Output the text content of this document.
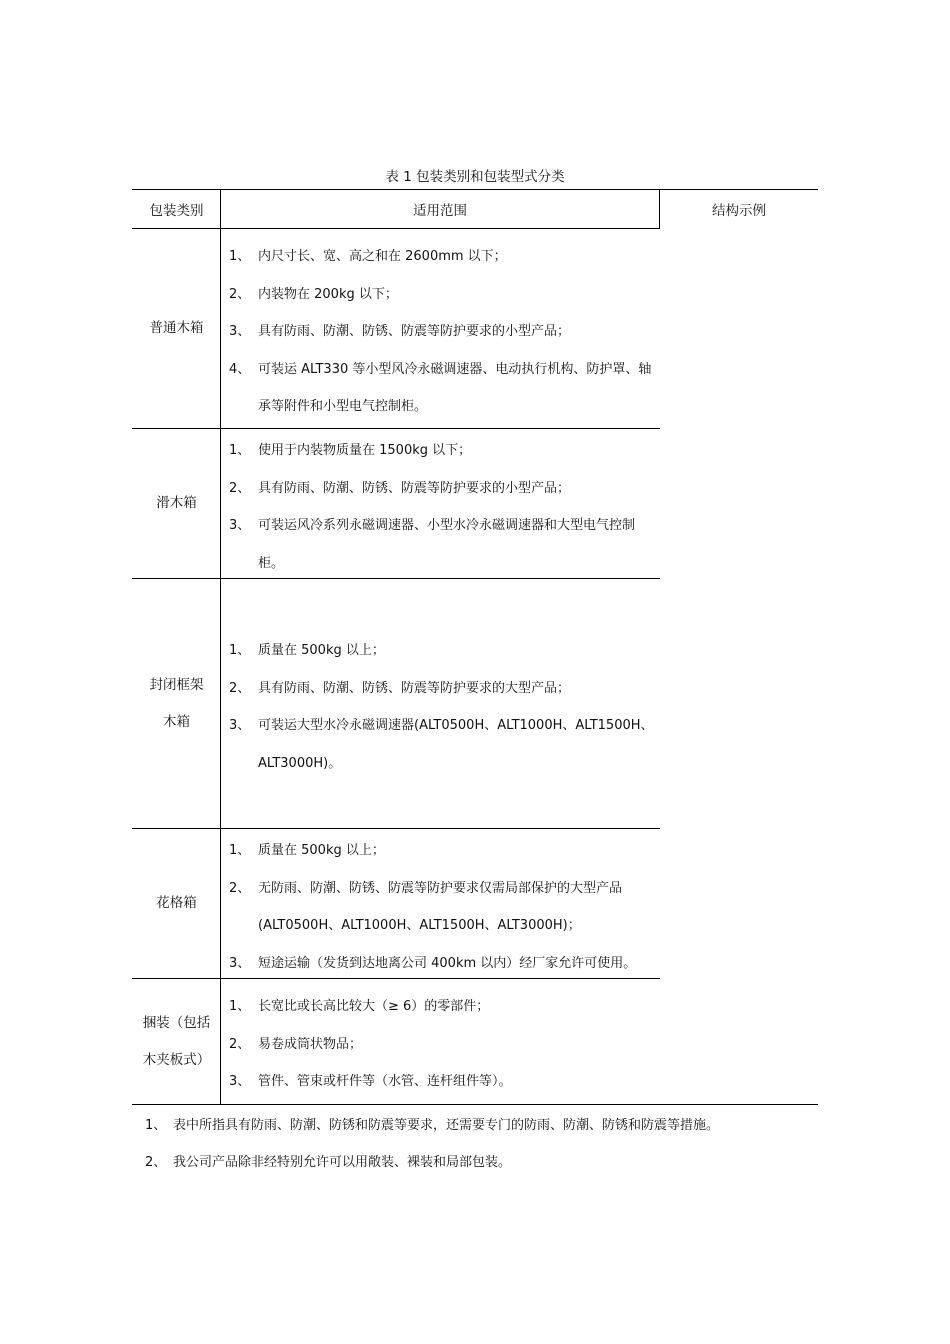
表 1 包装类别和包装型式分类
包装类别	适用范围	结构示例
普通木箱
1、 内尺寸长、宽、高之和在 2600mm 以下；
2、 内装物在 200kg 以下；
3、 具有防雨、防潮、防锈、防震等防护要求的小型产品；
4、 可装运 ALT330 等小型风冷永磁调速器、电动执行机构、防护罩、轴承等附件和小型电气控制柜。
滑木箱
1、 使用于内装物质量在 1500kg 以下；
2、 具有防雨、防潮、防锈、防震等防护要求的小型产品；
3、 可装运风冷系列永磁调速器、小型水冷永磁调速器和大型电气控制柜。
封闭框架
木箱
1、 质量在 500kg 以上；
2、 具有防雨、防潮、防锈、防震等防护要求的大型产品；
3、 可装运大型水冷永磁调速器(ALT0500H、ALT1000H、ALT1500H、ALT3000H)。
花格箱
1、 质量在 500kg 以上；
2、 无防雨、防潮、防锈、防震等防护要求仅需局部保护的大型产品(ALT0500H、ALT1000H、ALT1500H、ALT3000H)；
3、 短途运输（发货到达地离公司 400km 以内）经厂家允许可使用。
捆装（包括
木夹板式）
1、 长宽比或长高比较大（≥ 6）的零部件；
2、 易卷成筒状物品；
3、 管件、管束或杆件等（水管、连杆组件等）。
1、 表中所指具有防雨、防潮、防锈和防震等要求，还需要专门的防雨、防潮、防锈和防震等措施。
2、 我公司产品除非经特别允许可以用敞装、裸装和局部包装。
